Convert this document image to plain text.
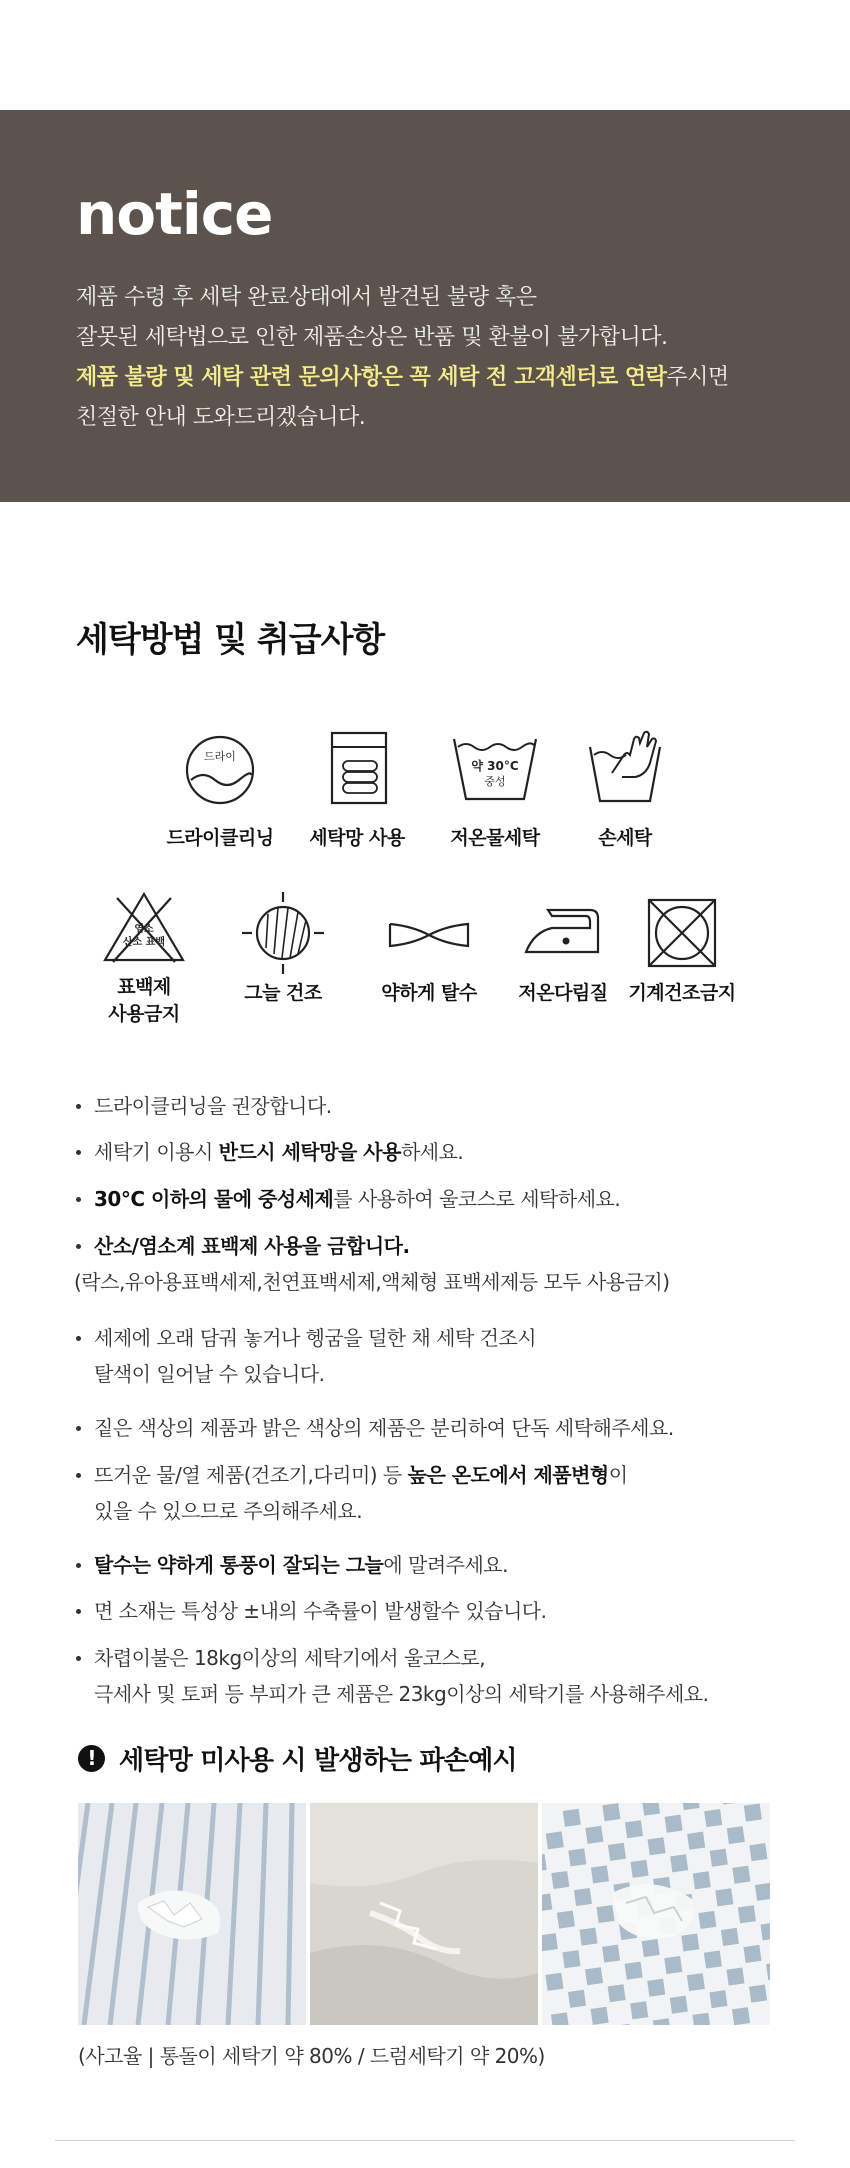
notice
제품 수령 후 세탁 완료상태에서 발견된 불량 혹은
잘못된 세탁법으로 인한 제품손상은 반품 및 환불이 불가합니다.
제품 불량 및 세탁 관련 문의사항은 꼭 세탁 전 고객센터로 연락주시면
친절한 안내 도와드리겠습니다.
세탁방법 및 취급사항
드라이
드라이클리닝	세탁망 사용
약 30°C
중성
저온물세탁	손세탁
염소
산소 표백
표백제
사용금지
그늘 건조	약하게 탈수	저온다림질	기계건조금지
드라이클리닝을 권장합니다.
세탁기 이용시 반드시 세탁망을 사용하세요.
30°C 이하의 물에 중성세제를 사용하여 울코스로 세탁하세요.
산소/염소계 표백제 사용을 금합니다.
(락스,유아용표백세제,천연표백세제,액체형 표백세제등 모두 사용금지)
세제에 오래 담궈 놓거나 헹굼을 덜한 채 세탁 건조시
탈색이 일어날 수 있습니다.
짙은 색상의 제품과 밝은 색상의 제품은 분리하여 단독 세탁해주세요.
뜨거운 물/열 제품(건조기,다리미) 등 높은 온도에서 제품변형이
있을 수 있으므로 주의해주세요.
탈수는 약하게 통풍이 잘되는 그늘에 말려주세요.
면 소재는 특성상 ±내의 수축률이 발생할수 있습니다.
차렵이불은 18kg이상의 세탁기에서 울코스로,
극세사 및 토퍼 등 부피가 큰 제품은 23kg이상의 세탁기를 사용해주세요.
! 세탁망 미사용 시 발생하는 파손예시
(사고율 | 통돌이 세탁기 약 80% / 드럼세탁기 약 20%)
